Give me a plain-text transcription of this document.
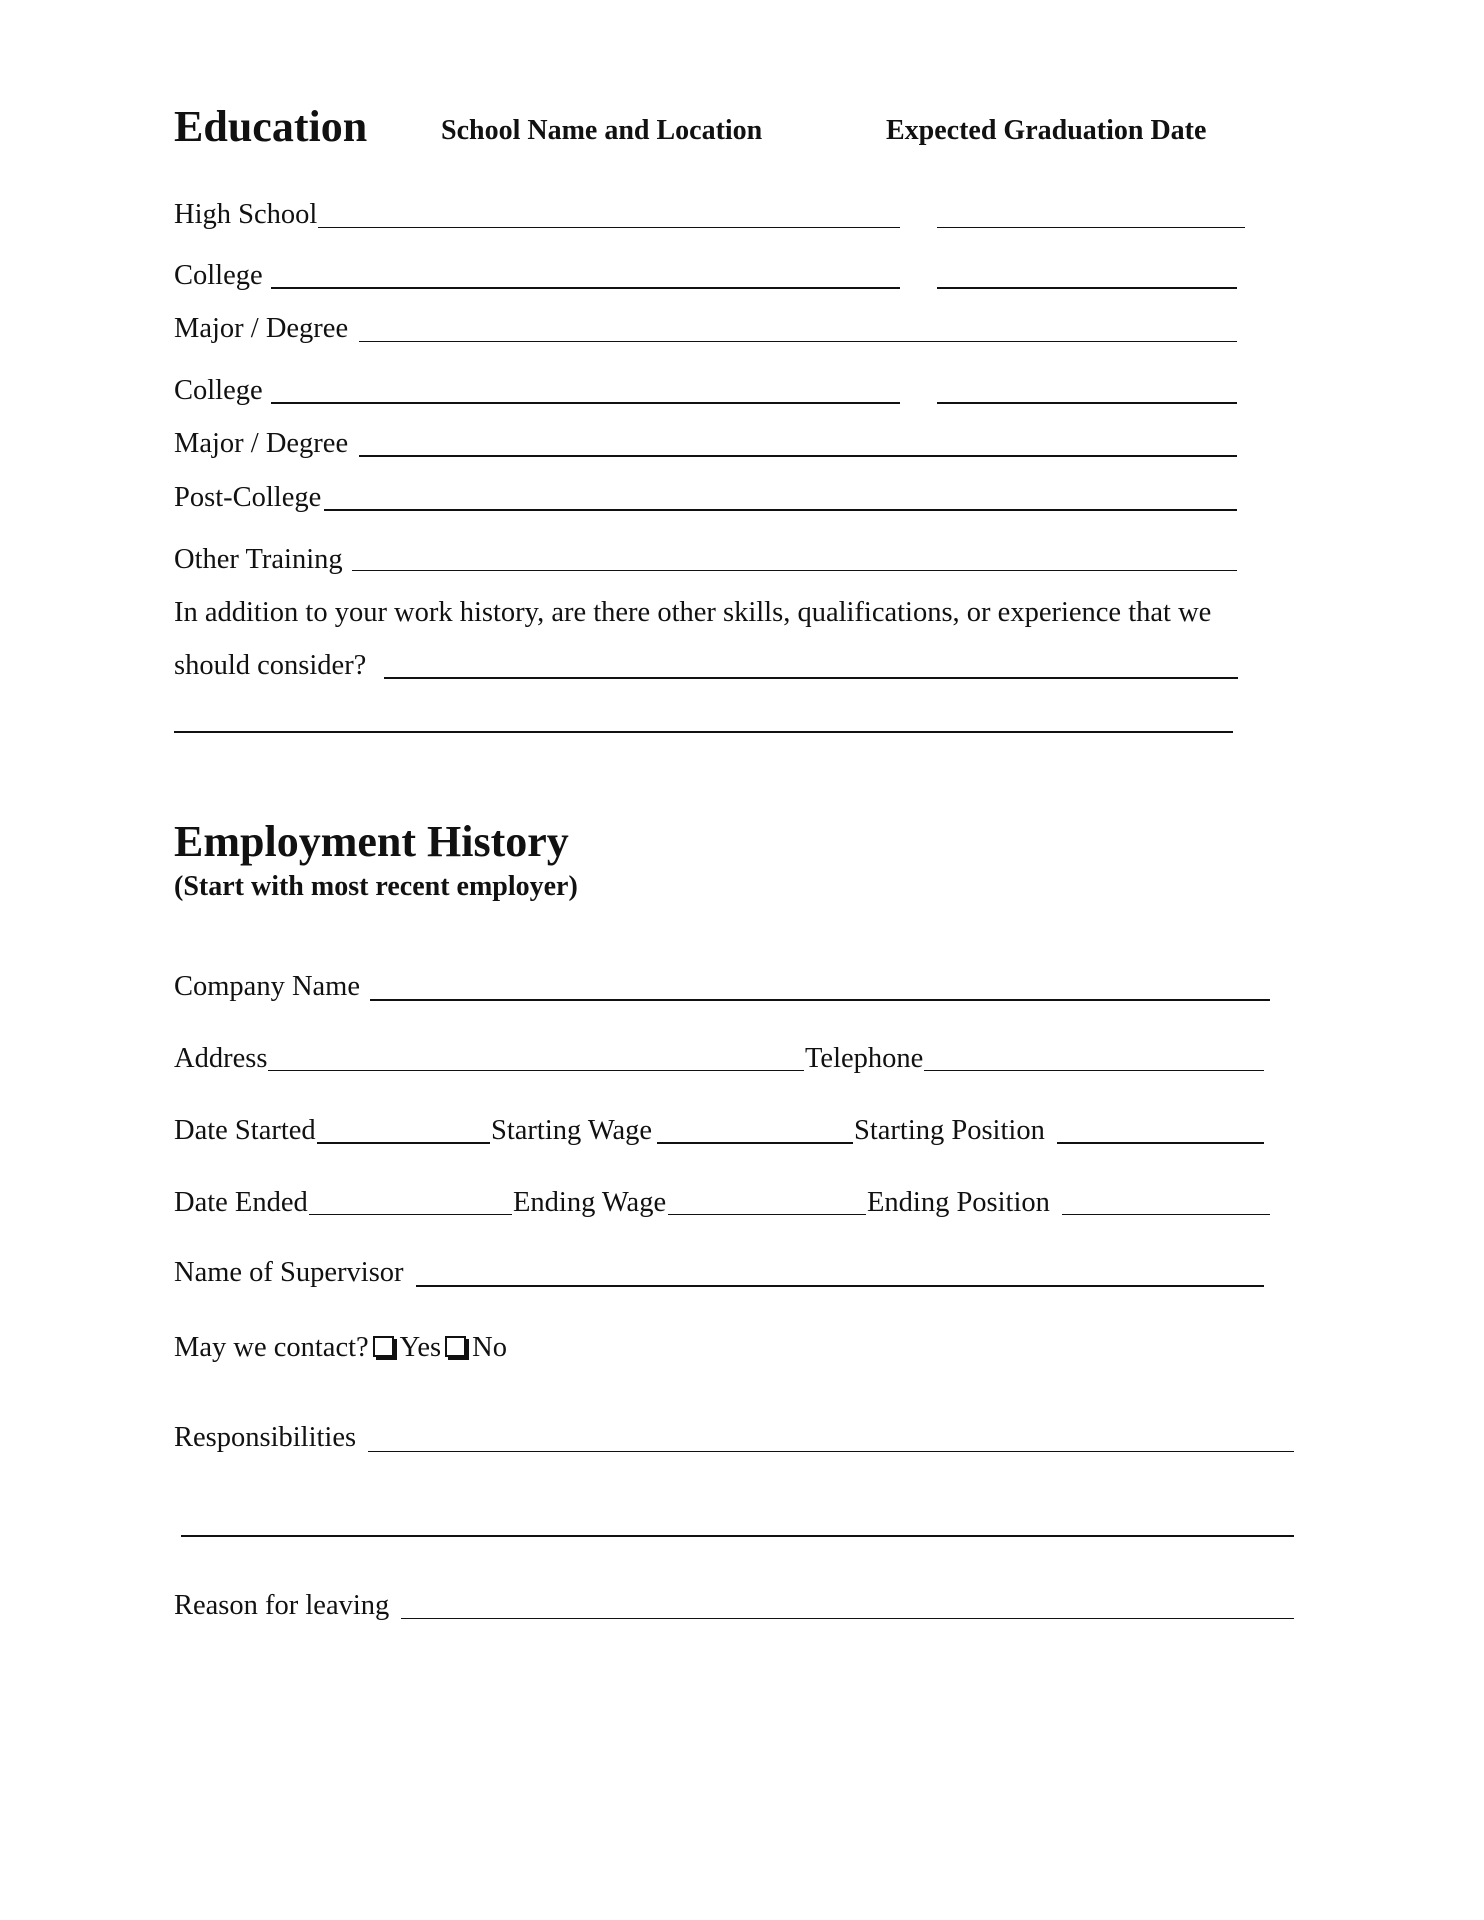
Education	School Name and Location	Expected Graduation Date
High School
College
Major / Degree
College
Major / Degree
Post-College
Other Training
In addition to your work history, are there other skills, qualifications, or experience that we
should consider?
Employment History
(Start with most recent employer)
Company Name
Address	Telephone
Date Started	Starting Wage	Starting Position
Date Ended	Ending Wage	Ending Position
Name of Supervisor
May we contact? Yes No
Responsibilities
Reason for leaving
